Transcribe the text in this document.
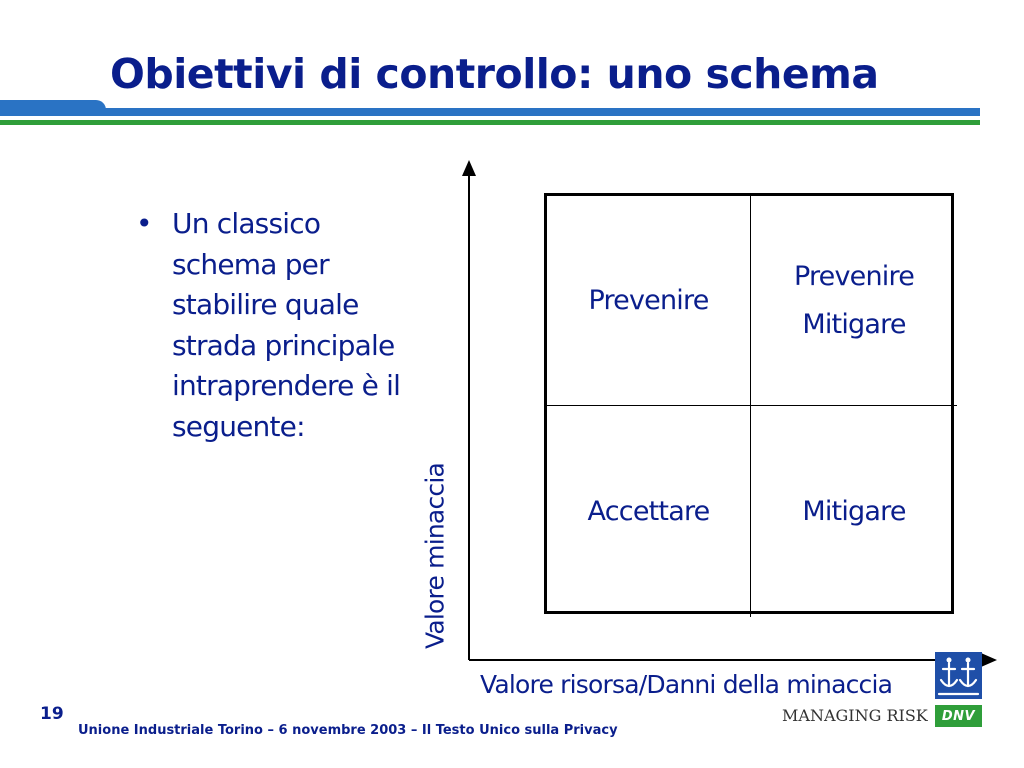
Obiettivi di controllo: uno schema
• Un classico
schema per
stabilire quale
strada principale
intraprendere è il
seguente:
Prevenire
Prevenire
Mitigare
Accettare	Mitigare
Valore minaccia
Valore risorsa/Danni della minaccia
19
Unione Industriale Torino – 6 novembre 2003 – Il Testo Unico sulla Privacy
MANAGING RISK DNV
